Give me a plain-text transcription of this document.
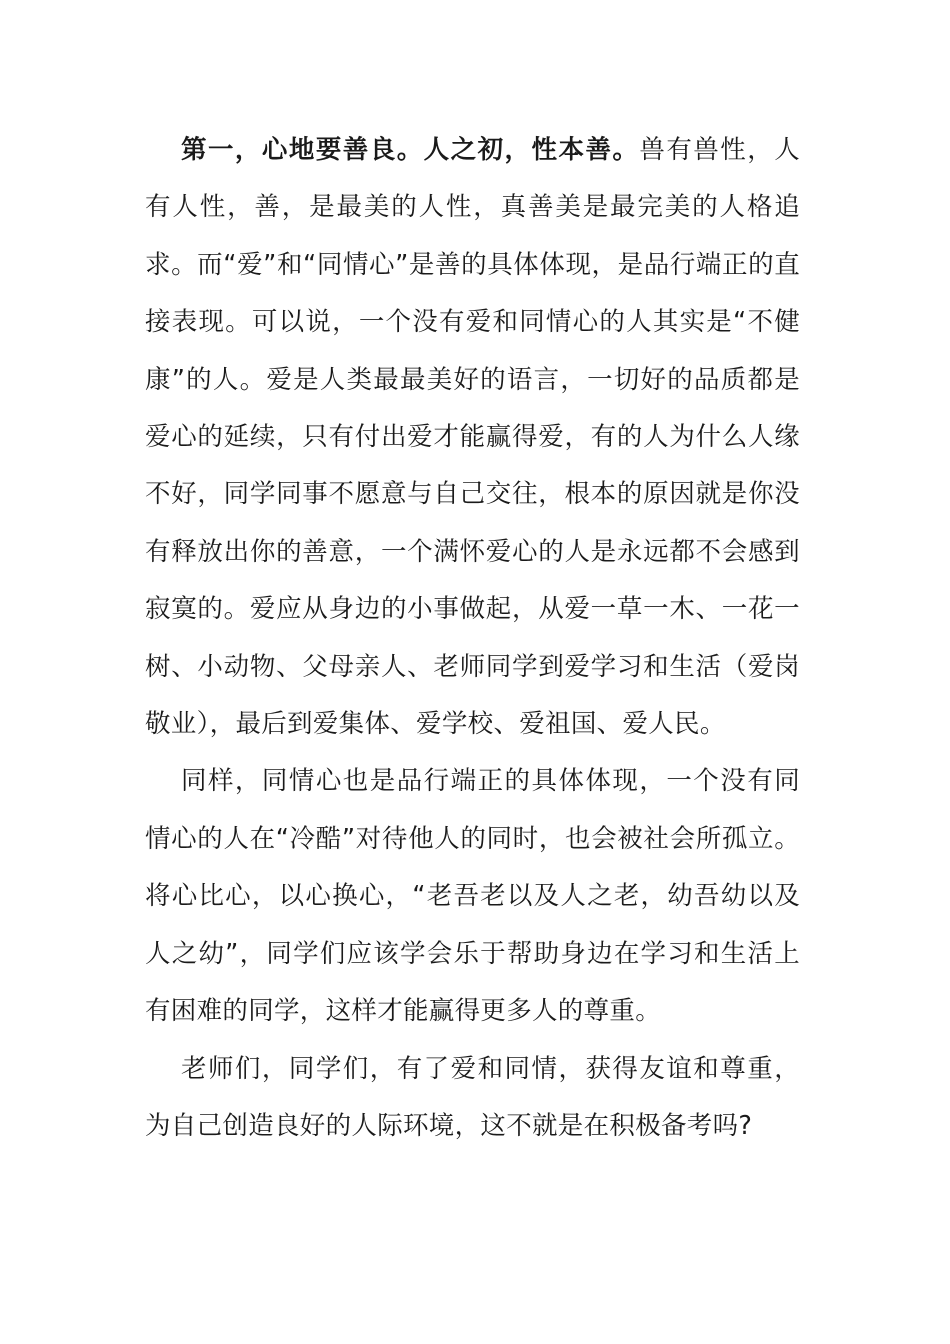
第一，心地要善良。人之初，性本善。兽有兽性，人有人性，善，是最美的人性，真善美是最完美的人格追求。而“爱”和“同情心”是善的具体体现，是品行端正的直接表现。可以说，一个没有爱和同情心的人其实是“不健康”的人。爱是人类最最美好的语言，一切好的品质都是爱心的延续，只有付出爱才能赢得爱，有的人为什么人缘不好，同学同事不愿意与自己交往，根本的原因就是你没有释放出你的善意，一个满怀爱心的人是永远都不会感到寂寞的。爱应从身边的小事做起，从爱一草一木、一花一树、小动物、父母亲人、老师同学到爱学习和生活（爱岗敬业），最后到爱集体、爱学校、爱祖国、爱人民。

同样，同情心也是品行端正的具体体现，一个没有同情心的人在“冷酷”对待他人的同时，也会被社会所孤立。将心比心，以心换心，“老吾老以及人之老，幼吾幼以及人之幼”，同学们应该学会乐于帮助身边在学习和生活上有困难的同学，这样才能赢得更多人的尊重。

老师们，同学们，有了爱和同情，获得友谊和尊重，为自己创造良好的人际环境，这不就是在积极备考吗?
